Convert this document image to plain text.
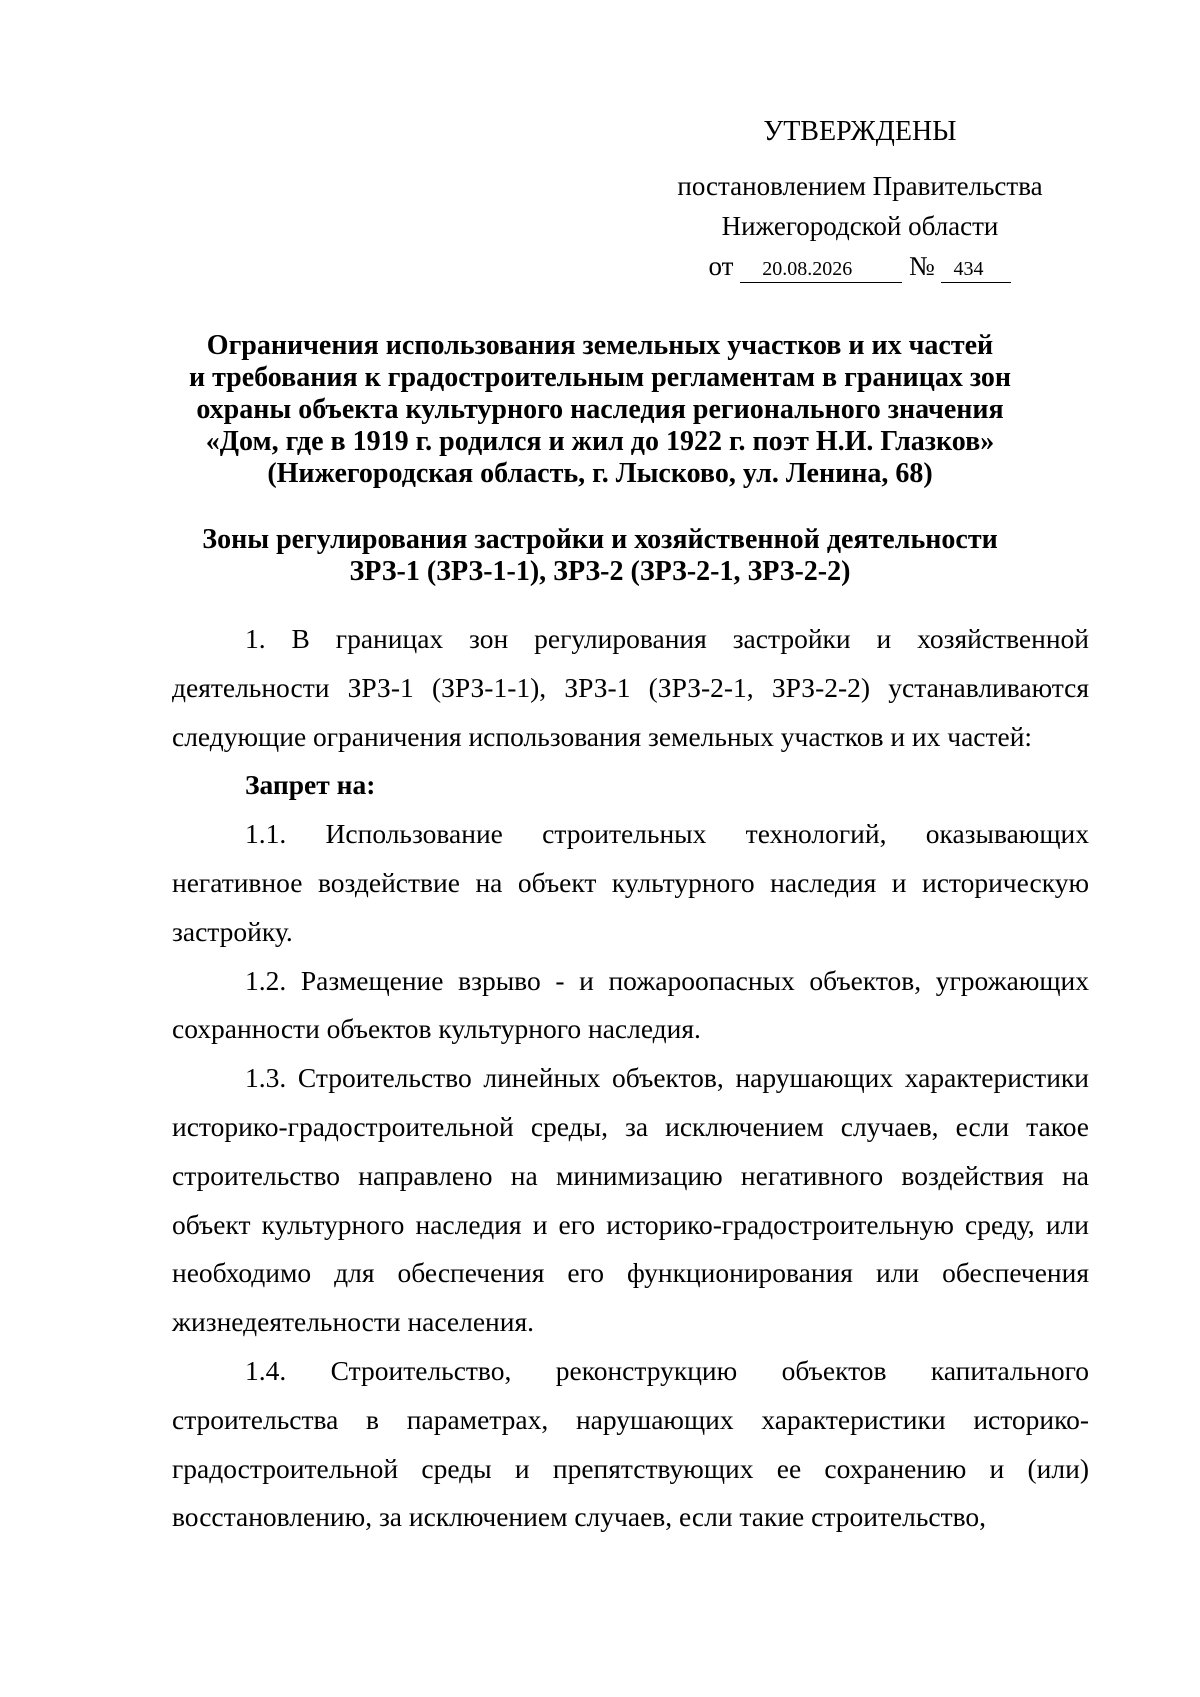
УТВЕРЖДЕНЫ
постановлением Правительства
Нижегородской области
от 20.08.2026 № 434
Ограничения использования земельных участков и их частей
и требования к градостроительным регламентам в границах зон
охраны объекта культурного наследия регионального значения
«Дом, где в 1919 г. родился и жил до 1922 г. поэт Н.И. Глазков»
(Нижегородская область, г. Лысково, ул. Ленина, 68)
Зоны регулирования застройки и хозяйственной деятельности
ЗРЗ-1 (ЗРЗ-1-1), ЗРЗ-2 (ЗРЗ-2-1, ЗРЗ-2-2)

1. В границах зон регулирования застройки и хозяйственной деятельности ЗРЗ-1 (ЗРЗ-1-1), ЗРЗ-1 (ЗРЗ-2-1, ЗРЗ-2-2) устанавливаются следующие ограничения использования земельных участков и их частей:

Запрет на:

1.1. Использование строительных технологий, оказывающих негативное воздействие на объект культурного наследия и историческую застройку.

1.2. Размещение взрыво - и пожароопасных объектов, угрожающих сохранности объектов культурного наследия.

1.3. Строительство линейных объектов, нарушающих характеристики историко-градостроительной среды, за исключением случаев, если такое строительство направлено на минимизацию негативного воздействия на объект культурного наследия и его историко-градостроительную среду, или необходимо для обеспечения его функционирования или обеспечения жизнедеятельности населения.

1.4. Строительство, реконструкцию объектов капитального строительства в параметрах, нарушающих характеристики историко-градостроительной среды и препятствующих ее сохранению и (или) восстановлению, за исключением случаев, если такие строительство,
